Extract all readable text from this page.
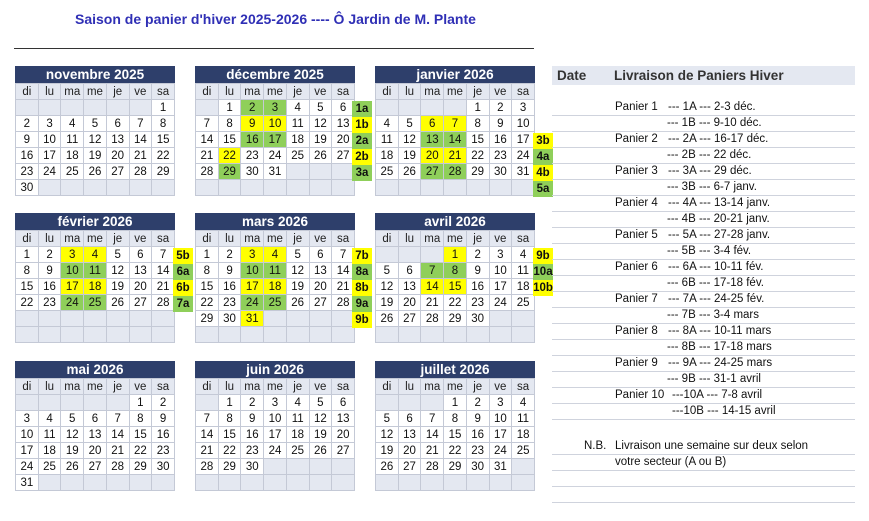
Saison de panier d'hiver 2025-2026 ---- Ô Jardin de M. Plante
novembre 2025
di	lu	ma	me	je	ve	sa
						1
2	3	4	5	6	7	8
9	10	11	12	13	14	15
16	17	18	19	20	21	22
23	24	25	26	27	28	29
30						
décembre 2025
di	lu	ma	me	je	ve	sa
	1	2	3	4	5	6
7	8	9	10	11	12	13
14	15	16	17	18	19	20
21	22	23	24	25	26	27
28	29	30	31			

1a
1b
2a
2b
3a
janvier 2026
di	lu	ma	me	je	ve	sa
				1	2	3
4	5	6	7	8	9	10
11	12	13	14	15	16	17
18	19	20	21	22	23	24
25	26	27	28	29	30	31

3b
4a
4b
5a
février 2026
di	lu	ma	me	je	ve	sa
1	2	3	4	5	6	7
8	9	10	11	12	13	14
15	16	17	18	19	20	21
22	23	24	25	26	27	28

5b
6a
6b
7a
mars 2026
di	lu	ma	me	je	ve	sa
1	2	3	4	5	6	7
8	9	10	11	12	13	14
15	16	17	18	19	20	21
22	23	24	25	26	27	28
29	30	31				

7b
8a
8b
9a
9b
avril 2026
di	lu	ma	me	je	ve	sa
			1	2	3	4
5	6	7	8	9	10	11
12	13	14	15	16	17	18
19	20	21	22	23	24	25
26	27	28	29	30		

9b
10a
10b
mai 2026
di	lu	ma	me	je	ve	sa
					1	2
3	4	5	6	7	8	9
10	11	12	13	14	15	16
17	18	19	20	21	22	23
24	25	26	27	28	29	30
31						
juin 2026
di	lu	ma	me	je	ve	sa
	1	2	3	4	5	6
7	8	9	10	11	12	13
14	15	16	17	18	19	20
21	22	23	24	25	26	27
28	29	30				

juillet 2026
di	lu	ma	me	je	ve	sa
			1	2	3	4
5	6	7	8	9	10	11
12	13	14	15	16	17	18
19	20	21	22	23	24	25
26	27	28	29	30	31	

Date Livraison de Paniers Hiver
Panier 1 --- 1A --- 2-3 déc.
--- 1B --- 9-10 déc.
Panier 2 --- 2A --- 16-17 déc.
--- 2B --- 22 déc.
Panier 3 --- 3A --- 29 déc.
--- 3B --- 6-7 janv.
Panier 4 --- 4A --- 13-14 janv.
--- 4B --- 20-21 janv.
Panier 5 --- 5A --- 27-28 janv.
--- 5B --- 3-4 fév.
Panier 6 --- 6A --- 10-11 fév.
--- 6B --- 17-18 fév.
Panier 7 --- 7A --- 24-25 fév.
--- 7B --- 3-4 mars
Panier 8 --- 8A --- 10-11 mars
--- 8B --- 17-18 mars
Panier 9 --- 9A --- 24-25 mars
--- 9B --- 31-1 avril
Panier 10 ---10A --- 7-8 avril
---10B --- 14-15 avril
N.B. Livraison une semaine sur deux selon
votre secteur (A ou B)
